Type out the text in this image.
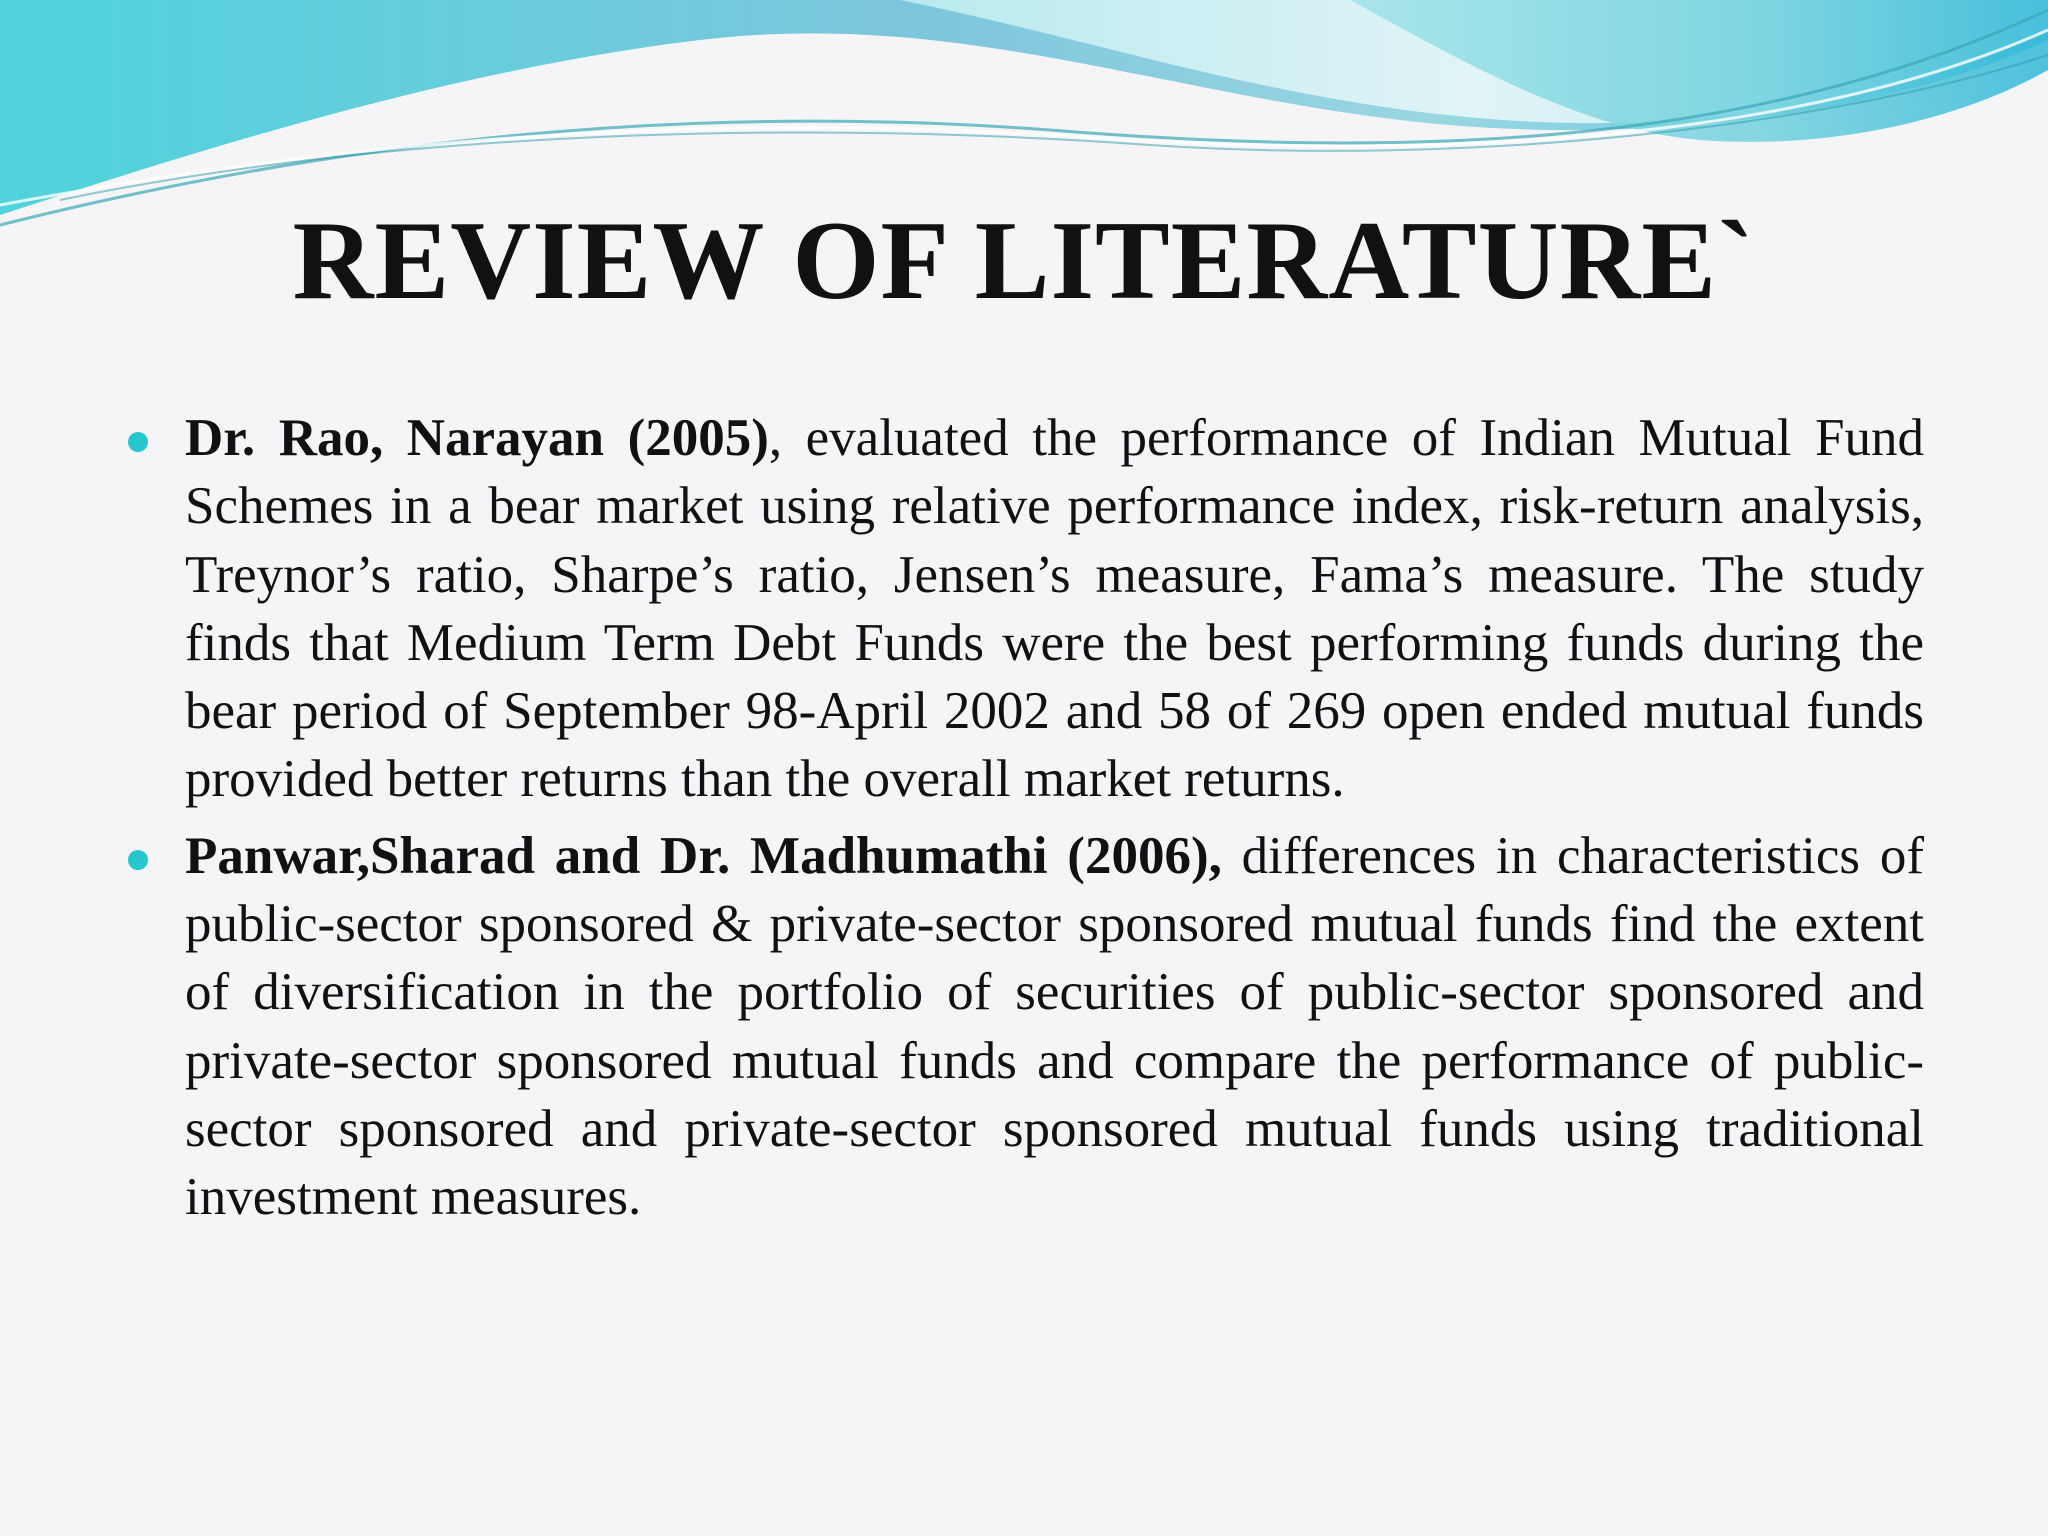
REVIEW OF LITERATURE`
Dr. Rao, Narayan (2005), evaluated the performance of Indian Mutual Fund Schemes in a bear market using relative performance index, risk-return analysis, Treynor’s ratio, Sharpe’s ratio, Jensen’s measure, Fama’s measure. The study finds that Medium Term Debt Funds were the best performing funds during the bear period of September 98-April 2002 and 58 of 269 open ended mutual funds provided better returns than the overall market returns.
Panwar,Sharad and Dr. Madhumathi (2006), differences in characteristics of public-sector sponsored & private-sector sponsored mutual funds find the extent of diversification in the portfolio of securities of public-sector sponsored and private-sector sponsored mutual funds and compare the performance of public-sector sponsored and private-sector sponsored mutual funds using traditional investment measures.
